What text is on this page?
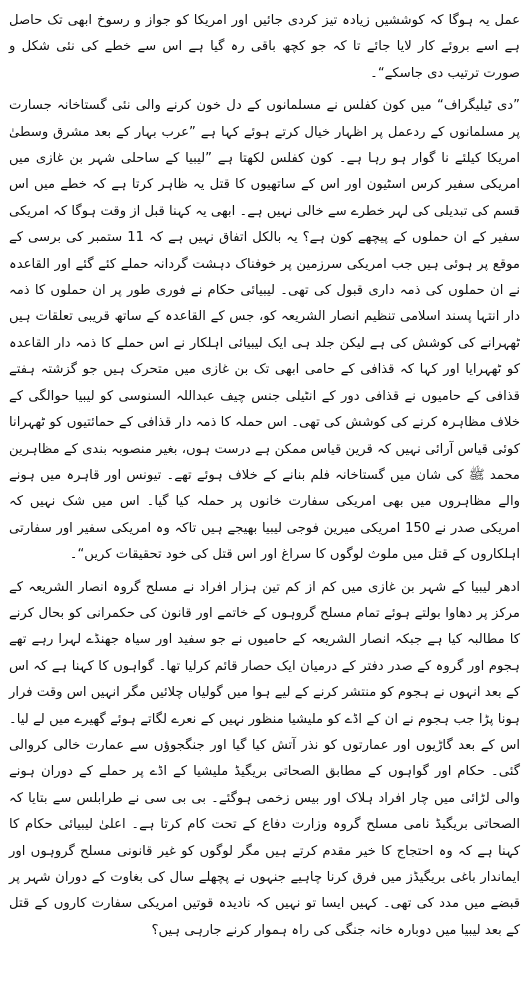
عمل یہ ہوگا کہ کوششیں زیادہ تیز کردی جائیں اور امریکا کو جواز و رسوخ ابھی تک حاصل ہے اسے بروئے کار لایا جائے تا کہ جو کچھ باقی رہ گیا ہے اس سے خطے کی نئی شکل و صورت ترتیب دی جاسکے“۔

”دی ٹیلیگراف“ میں کون کفلس نے مسلمانوں کے دل خون کرنے والی نئی گستاخانہ جسارت پر مسلمانوں کے ردعمل پر اظہار خیال کرتے ہوئے کہا ہے ”عرب بہار کے بعد مشرق وسطیٰ امریکا کیلئے نا گوار ہو رہا ہے۔ کون کفلس لکھتا ہے ”لیبیا کے ساحلی شہر بن غازی میں امریکی سفیر کرس اسٹیون اور اس کے ساتھیوں کا قتل یہ ظاہر کرتا ہے کہ خطے میں اس قسم کی تبدیلی کی لہر خطرے سے خالی نہیں ہے۔ ابھی یہ کہنا قبل از وقت ہوگا کہ امریکی سفیر کے ان حملوں کے پیچھے کون ہے؟ یہ بالکل اتفاق نہیں ہے کہ 11 ستمبر کی برسی کے موقع پر ہوئی ہیں جب امریکی سرزمین پر خوفناک دہشت گردانہ حملے کئے گئے اور القاعدہ نے ان حملوں کی ذمہ داری قبول کی تھی۔ لیبیائی حکام نے فوری طور پر ان حملوں کا ذمہ دار انتہا پسند اسلامی تنظیم انصار الشریعہ کو، جس کے القاعدہ کے ساتھ قریبی تعلقات ہیں ٹھہرانے کی کوشش کی ہے لیکن جلد ہی ایک لیبیائی اہلکار نے اس حملے کا ذمہ دار القاعدہ کو ٹھہرایا اور کہا کہ قذافی کے حامی ابھی تک بن غازی میں متحرک ہیں جو گزشتہ ہفتے قذافی کے حامیوں نے قذافی دور کے انٹیلی جنس چیف عبداللہ السنوسی کو لیبیا حوالگی کے خلاف مظاہرہ کرنے کی کوشش کی تھی۔ اس حملہ کا ذمہ دار قذافی کے حمائتیوں کو ٹھہرانا کوئی قیاس آرائی نہیں کہ قرین قیاس ممکن ہے درست ہوں، بغیر منصوبہ بندی کے مظاہرین محمد ﷺ کی شان میں گستاخانہ فلم بنانے کے خلاف ہوئے تھے۔ تیونس اور قاہرہ میں ہونے والے مظاہروں میں بھی امریکی سفارت خانوں پر حملہ کیا گیا۔ اس میں شک نہیں کہ امریکی صدر نے 150 امریکی میرین فوجی لیبیا بھیجے ہیں تاکہ وہ امریکی سفیر اور سفارتی اہلکاروں کے قتل میں ملوث لوگوں کا سراغ اور اس قتل کی خود تحقیقات کریں“۔

ادھر لیبیا کے شہر بن غازی میں کم از کم تین ہزار افراد نے مسلح گروہ انصار الشریعہ کے مرکز پر دھاوا بولتے ہوئے تمام مسلح گروہوں کے خاتمے اور قانون کی حکمرانی کو بحال کرنے کا مطالبہ کیا ہے جبکہ انصار الشریعہ کے حامیوں نے جو سفید اور سیاہ جھنڈے لہرا رہے تھے ہجوم اور گروہ کے صدر دفتر کے درمیان ایک حصار قائم کرلیا تھا۔ گواہوں کا کہنا ہے کہ اس کے بعد انہوں نے ہجوم کو منتشر کرنے کے لیے ہوا میں گولیاں چلائیں مگر انہیں اس وقت فرار ہونا پڑا جب ہجوم نے ان کے اڈے کو ملیشیا منظور نہیں کے نعرے لگاتے ہوئے گھیرے میں لے لیا۔ اس کے بعد گاڑیوں اور عمارتوں کو نذر آتش کیا گیا اور جنگجوؤں سے عمارت خالی کروالی گئی۔ حکام اور گواہوں کے مطابق الصحاتی بریگیڈ ملیشیا کے اڈے پر حملے کے دوران ہونے والی لڑائی میں چار افراد ہلاک اور بیس زخمی ہوگئے۔ بی بی سی نے طرابلس سے بتایا کہ الصحاتی بریگیڈ نامی مسلح گروہ وزارت دفاع کے تحت کام کرتا ہے۔ اعلیٰ لیبیائی حکام کا کہنا ہے کہ وہ احتجاج کا خیر مقدم کرتے ہیں مگر لوگوں کو غیر قانونی مسلح گروہوں اور ایماندار باغی بریگیڈز میں فرق کرنا چاہیے جنہوں نے پچھلے سال کی بغاوت کے دوران شہر پر قبضے میں مدد کی تھی۔ کہیں ایسا تو نہیں کہ نادیدہ قوتیں امریکی سفارت کاروں کے قتل کے بعد لیبیا میں دوبارہ خانہ جنگی کی راہ ہموار کرنے جارہی ہیں؟
